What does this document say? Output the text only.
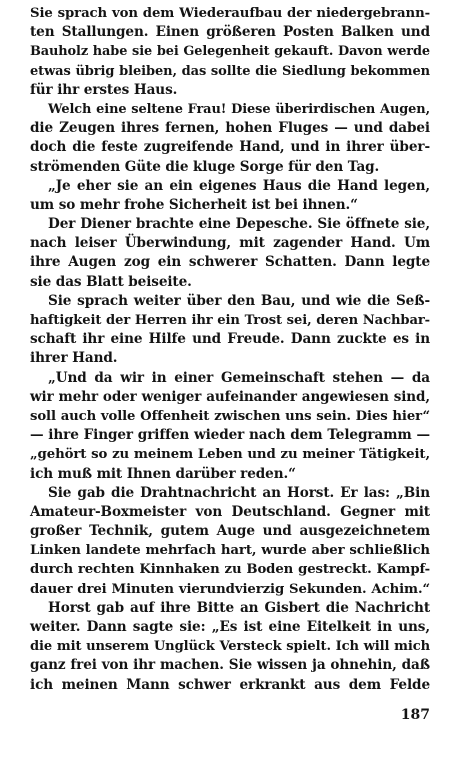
Sie sprach von dem Wiederaufbau der niedergebrann-
ten Stallungen. Einen größeren Posten Balken und
Bauholz habe sie bei Gelegenheit gekauft. Davon werde
etwas übrig bleiben, das sollte die Siedlung bekommen
für ihr erstes Haus.
Welch eine seltene Frau! Diese überirdischen Augen,
die Zeugen ihres fernen, hohen Fluges — und dabei
doch die feste zugreifende Hand, und in ihrer über-
strömenden Güte die kluge Sorge für den Tag.
„Je eher sie an ein eigenes Haus die Hand legen,
um so mehr frohe Sicherheit ist bei ihnen.“
Der Diener brachte eine Depesche. Sie öffnete sie,
nach leiser Überwindung, mit zagender Hand. Um
ihre Augen zog ein schwerer Schatten. Dann legte
sie das Blatt beiseite.
Sie sprach weiter über den Bau, und wie die Seß-
haftigkeit der Herren ihr ein Trost sei, deren Nachbar-
schaft ihr eine Hilfe und Freude. Dann zuckte es in
ihrer Hand.
„Und da wir in einer Gemeinschaft stehen — da
wir mehr oder weniger aufeinander angewiesen sind,
soll auch volle Offenheit zwischen uns sein. Dies hier“
— ihre Finger griffen wieder nach dem Telegramm —
„gehört so zu meinem Leben und zu meiner Tätigkeit,
ich muß mit Ihnen darüber reden.“
Sie gab die Drahtnachricht an Horst. Er las: „Bin
Amateur-Boxmeister von Deutschland. Gegner mit
großer Technik, gutem Auge und ausgezeichnetem
Linken landete mehrfach hart, wurde aber schließlich
durch rechten Kinnhaken zu Boden gestreckt. Kampf-
dauer drei Minuten vierundvierzig Sekunden. Achim.“
Horst gab auf ihre Bitte an Gisbert die Nachricht
weiter. Dann sagte sie: „Es ist eine Eitelkeit in uns,
die mit unserem Unglück Versteck spielt. Ich will mich
ganz frei von ihr machen. Sie wissen ja ohnehin, daß
ich meinen Mann schwer erkrankt aus dem Felde
187
